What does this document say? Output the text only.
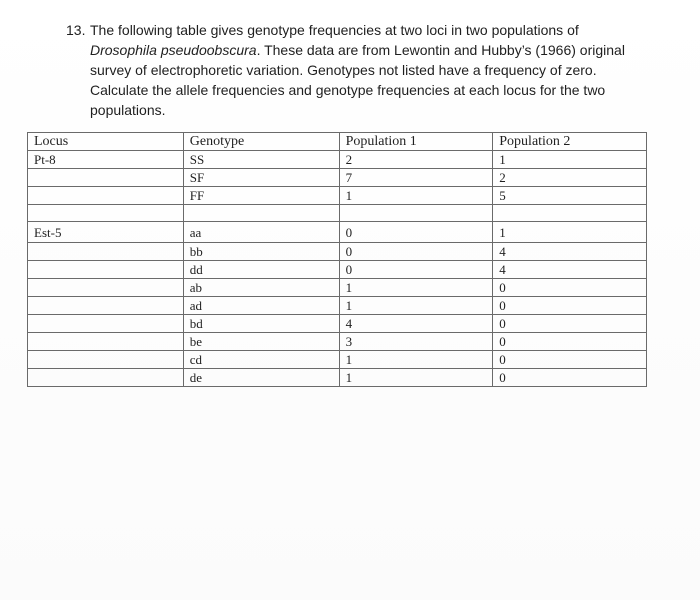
13. The following table gives genotype frequencies at two loci in two populations of Drosophila pseudoobscura. These data are from Lewontin and Hubby’s (1966) original survey of electrophoretic variation. Genotypes not listed have a frequency of zero. Calculate the allele frequencies and genotype frequencies at each locus for the two populations.
Locus	Genotype	Population 1	Population 2
Pt-8	SS	2	1
	SF	7	2
	FF	1	5

Est-5	aa	0	1
	bb	0	4
	dd	0	4
	ab	1	0
	ad	1	0
	bd	4	0
	be	3	0
	cd	1	0
	de	1	0
